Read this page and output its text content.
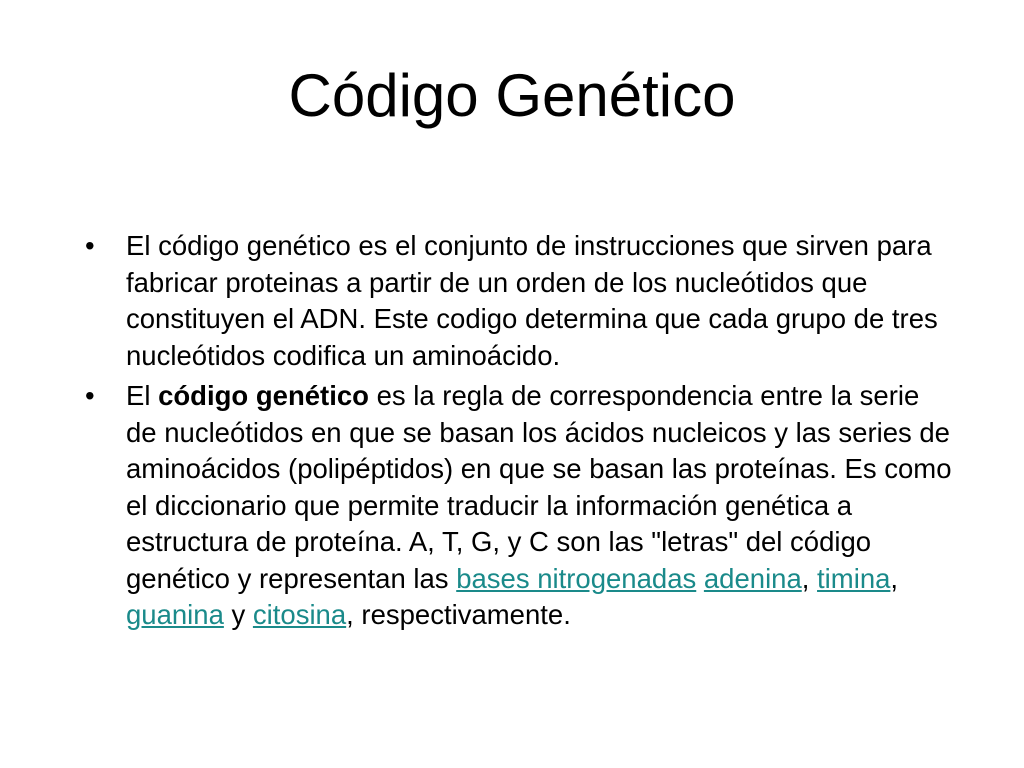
Código Genético
•	El código genético es el conjunto de instrucciones que sirven para fabricar proteinas a partir de un orden de los nucleótidos que constituyen el ADN. Este codigo determina que cada grupo de tres nucleótidos codifica un aminoácido.
•	El código genético es la regla de correspondencia entre la serie de nucleótidos en que se basan los ácidos nucleicos y las series de aminoácidos (polipéptidos) en que se basan las proteínas. Es como el diccionario que permite traducir la información genética a estructura de proteína. A, T, G, y C son las "letras" del código genético y representan las bases nitrogenadas adenina, timina, guanina y citosina, respectivamente.
